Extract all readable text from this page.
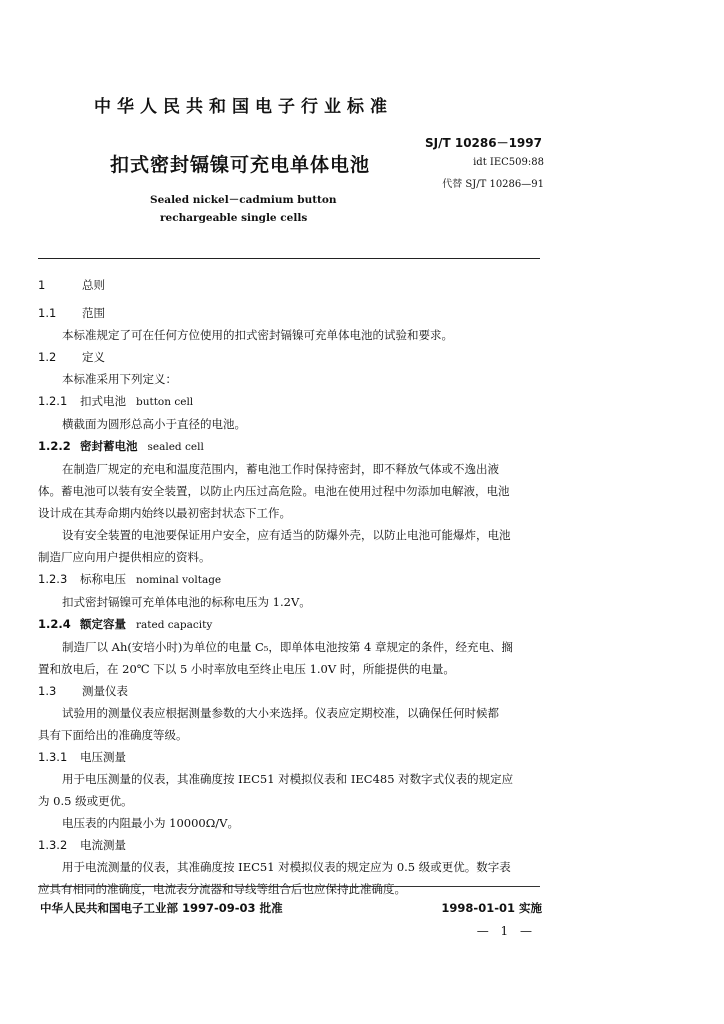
中华人民共和国电子行业标准
SJ/T 10286－1997
扣式密封镉镍可充电单体电池	idt IEC509:88
代替 SJ/T 10286—91
Sealed nickel－cadmium button
rechargeable single cells

1	总则

1.1 范围

本标准规定了可在任何方位使用的扣式密封镉镍可充单体电池的试验和要求。

1.2 定义

本标准采用下列定义：

1.2.1 扣式电池 button cell

横截面为圆形总高小于直径的电池。

1.2.2 密封蓄电池 sealed cell

在制造厂规定的充电和温度范围内，蓄电池工作时保持密封，即不释放气体或不逸出液

体。蓄电池可以装有安全装置，以防止内压过高危险。电池在使用过程中勿添加电解液，电池

设计成在其寿命期内始终以最初密封状态下工作。

设有安全装置的电池要保证用户安全，应有适当的防爆外壳，以防止电池可能爆炸，电池

制造厂应向用户提供相应的资料。

1.2.3 标称电压 nominal voltage

扣式密封镉镍可充单体电池的标称电压为 1.2V。

1.2.4 额定容量 rated capacity

制造厂以 Ah(安培小时)为单位的电量 C₅，即单体电池按第 4 章规定的条件，经充电、搁

置和放电后，在 20℃ 下以 5 小时率放电至终止电压 1.0V 时，所能提供的电量。

1.3 测量仪表

试验用的测量仪表应根据测量参数的大小来选择。仪表应定期校准，以确保任何时候都

具有下面给出的准确度等级。

1.3.1 电压测量

用于电压测量的仪表，其准确度按 IEC51 对模拟仪表和 IEC485 对数字式仪表的规定应

为 0.5 级或更优。

电压表的内阻最小为 10000Ω/V。

1.3.2 电流测量

用于电流测量的仪表，其准确度按 IEC51 对模拟仪表的规定应为 0.5 级或更优。数字表

应具有相同的准确度，电流表分流器和导线等组合后也应保持此准确度。

中华人民共和国电子工业部 1997-09-03 批准	1998-01-01 实施
— 1 —
